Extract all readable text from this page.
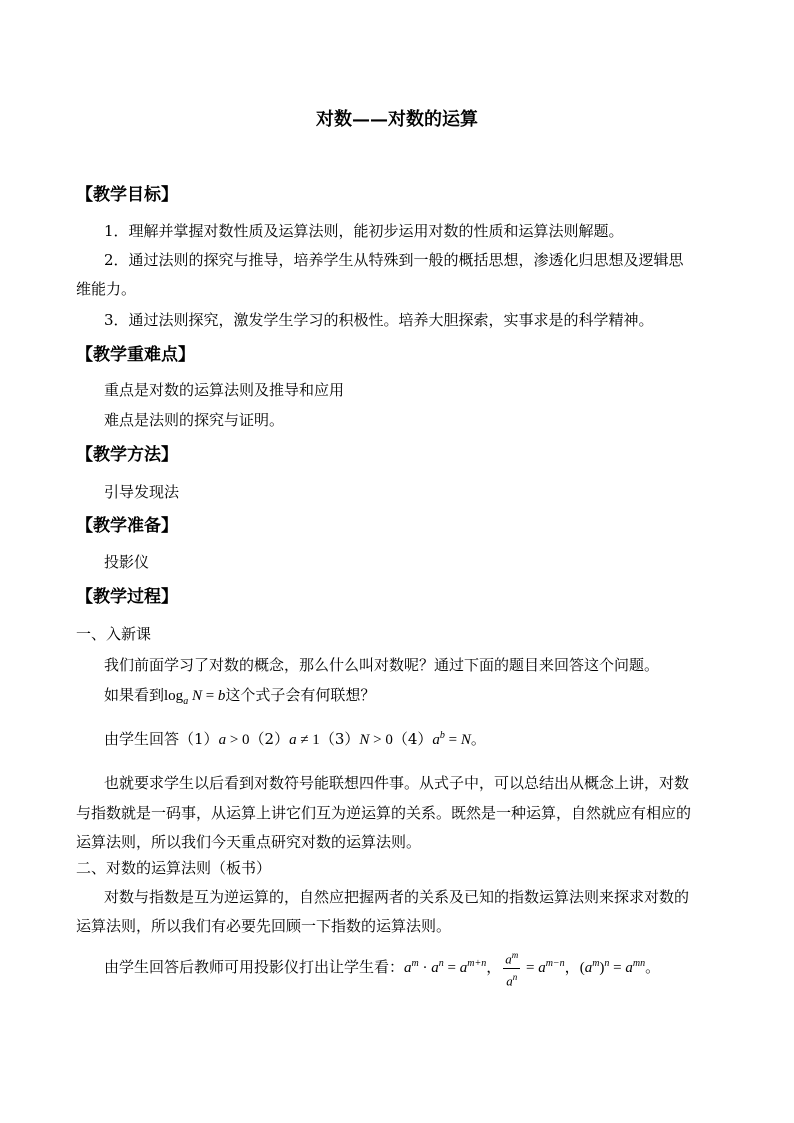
对数——对数的运算
【教学目标】
1．理解并掌握对数性质及运算法则，能初步运用对数的性质和运算法则解题。
2．通过法则的探究与推导，培养学生从特殊到一般的概括思想，渗透化归思想及逻辑思
维能力。
3．通过法则探究，激发学生学习的积极性。培养大胆探索，实事求是的科学精神。
【教学重难点】
重点是对数的运算法则及推导和应用
难点是法则的探究与证明。
【教学方法】
引导发现法
【教学准备】
投影仪
【教学过程】
一、入新课
我们前面学习了对数的概念，那么什么叫对数呢？通过下面的题目来回答这个问题。
如果看到$\log_a N = b$这个式子会有何联想？
由学生回答$(1)a > 0(2)a \ne 1(3)N > 0(4)a^b = N$。
也就要求学生以后看到对数符号能联想四件事。从式子中，可以总结出从概念上讲，对数
与指数就是一码事，从运算上讲它们互为逆运算的关系。既然是一种运算，自然就应有相应的
运算法则，所以我们今天重点研究对数的运算法则。
二、对数的运算法则（板书）
对数与指数是互为逆运算的，自然应把握两者的关系及已知的指数运算法则来探求对数的
运算法则，所以我们有必要先回顾一下指数的运算法则。
由学生回答后教师可用投影仪打出让学生看：$a^m \cdot a^n = a^{m+n}$， $\frac{a^m}{a^n} = a^{m-n}$，$(a^m)^n = a^{mn}$。
